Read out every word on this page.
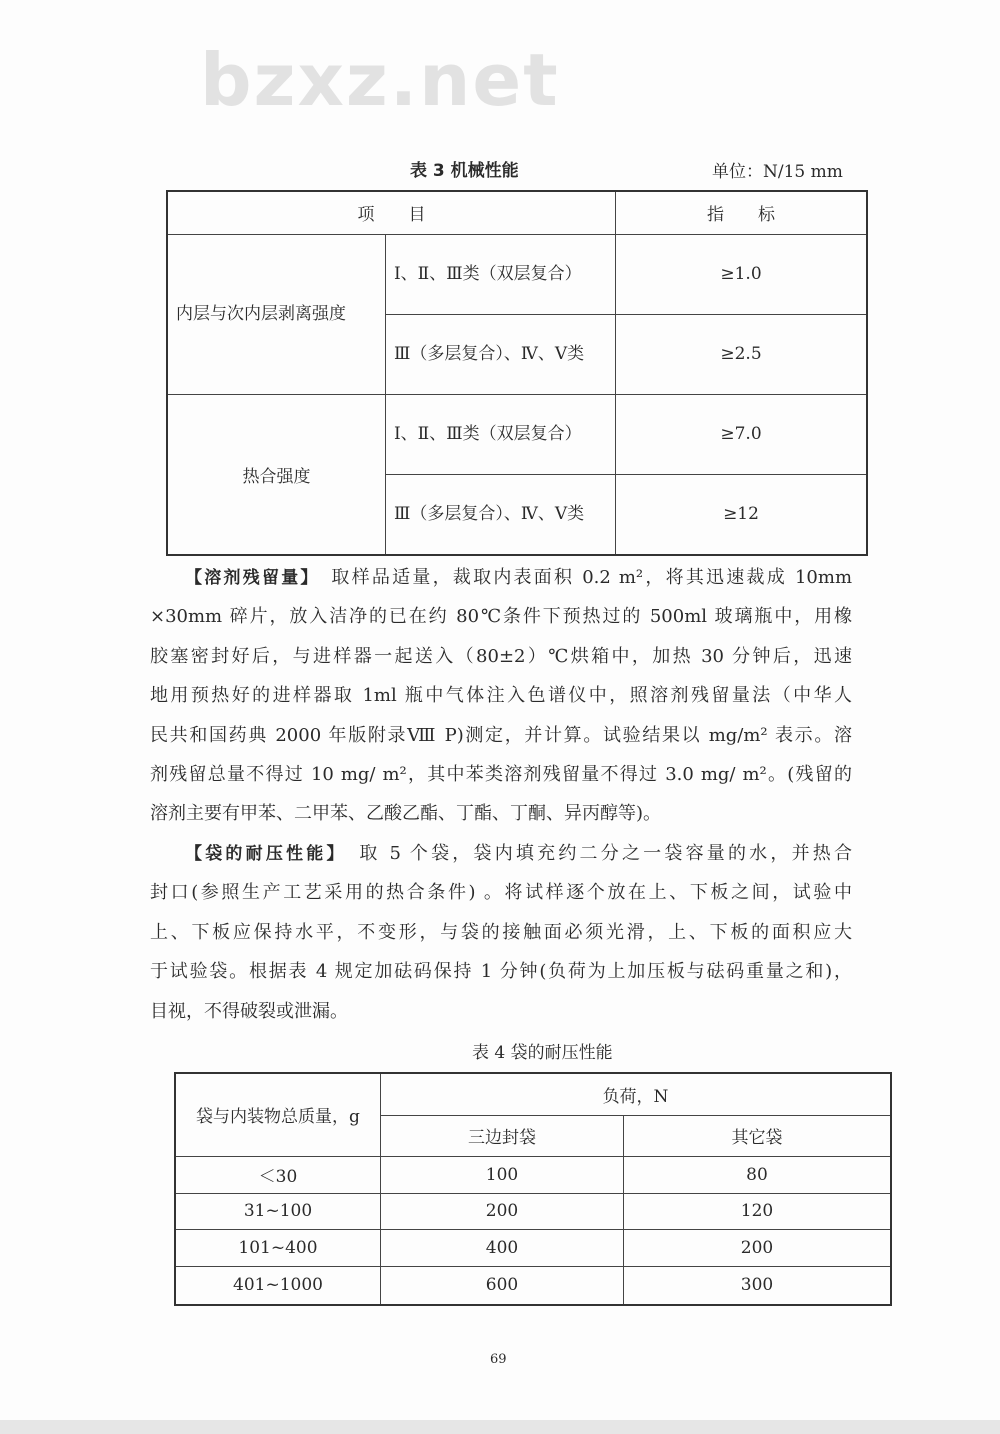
bzxz.net
表 3 机械性能	单位：N/15 mm
项　　目		指　　标
内层与次内层剥离强度	Ⅰ、Ⅱ、Ⅲ类（双层复合）	≥1.0
	Ⅲ（多层复合）、Ⅳ、Ⅴ类	≥2.5
热合强度	Ⅰ、Ⅱ、Ⅲ类（双层复合）	≥7.0
	Ⅲ（多层复合）、Ⅳ、Ⅴ类	≥12
【溶剂残留量】　 取样品适量，裁取内表面积 0.2 m²，将其迅速裁成 10mm
×30mm 碎片，放入洁净的已在约 80℃条件下预热过的 500ml 玻璃瓶中，用橡
胶塞密封好后，与进样器一起送入（80±2）℃烘箱中，加热 30 分钟后，迅速
地用预热好的进样器取 1ml 瓶中气体注入色谱仪中，照溶剂残留量法（中华人
民共和国药典 2000 年版附录Ⅷ P)测定，并计算。试验结果以 mg/m² 表示。溶
剂残留总量不得过 10 mg/ m²，其中苯类溶剂残留量不得过 3.0 mg/ m²。(残留的
溶剂主要有甲苯、二甲苯、乙酸乙酯、丁酯、丁酮、异丙醇等)。
【袋的耐压性能】　 取 5 个袋，袋内填充约二分之一袋容量的水，并热合
封口(参照生产工艺采用的热合条件) 。将试样逐个放在上、下板之间，试验中
上、下板应保持水平，不变形，与袋的接触面必须光滑，上、下板的面积应大
于试验袋。根据表 4 规定加砝码保持 1 分钟(负荷为上加压板与砝码重量之和)，
目视，不得破裂或泄漏。
表 4 袋的耐压性能
袋与内装物总质量，g	负荷，N	
	三边封袋	其它袋
＜30	100	80
31~100	200	120
101~400	400	200
401~1000	600	300
69
